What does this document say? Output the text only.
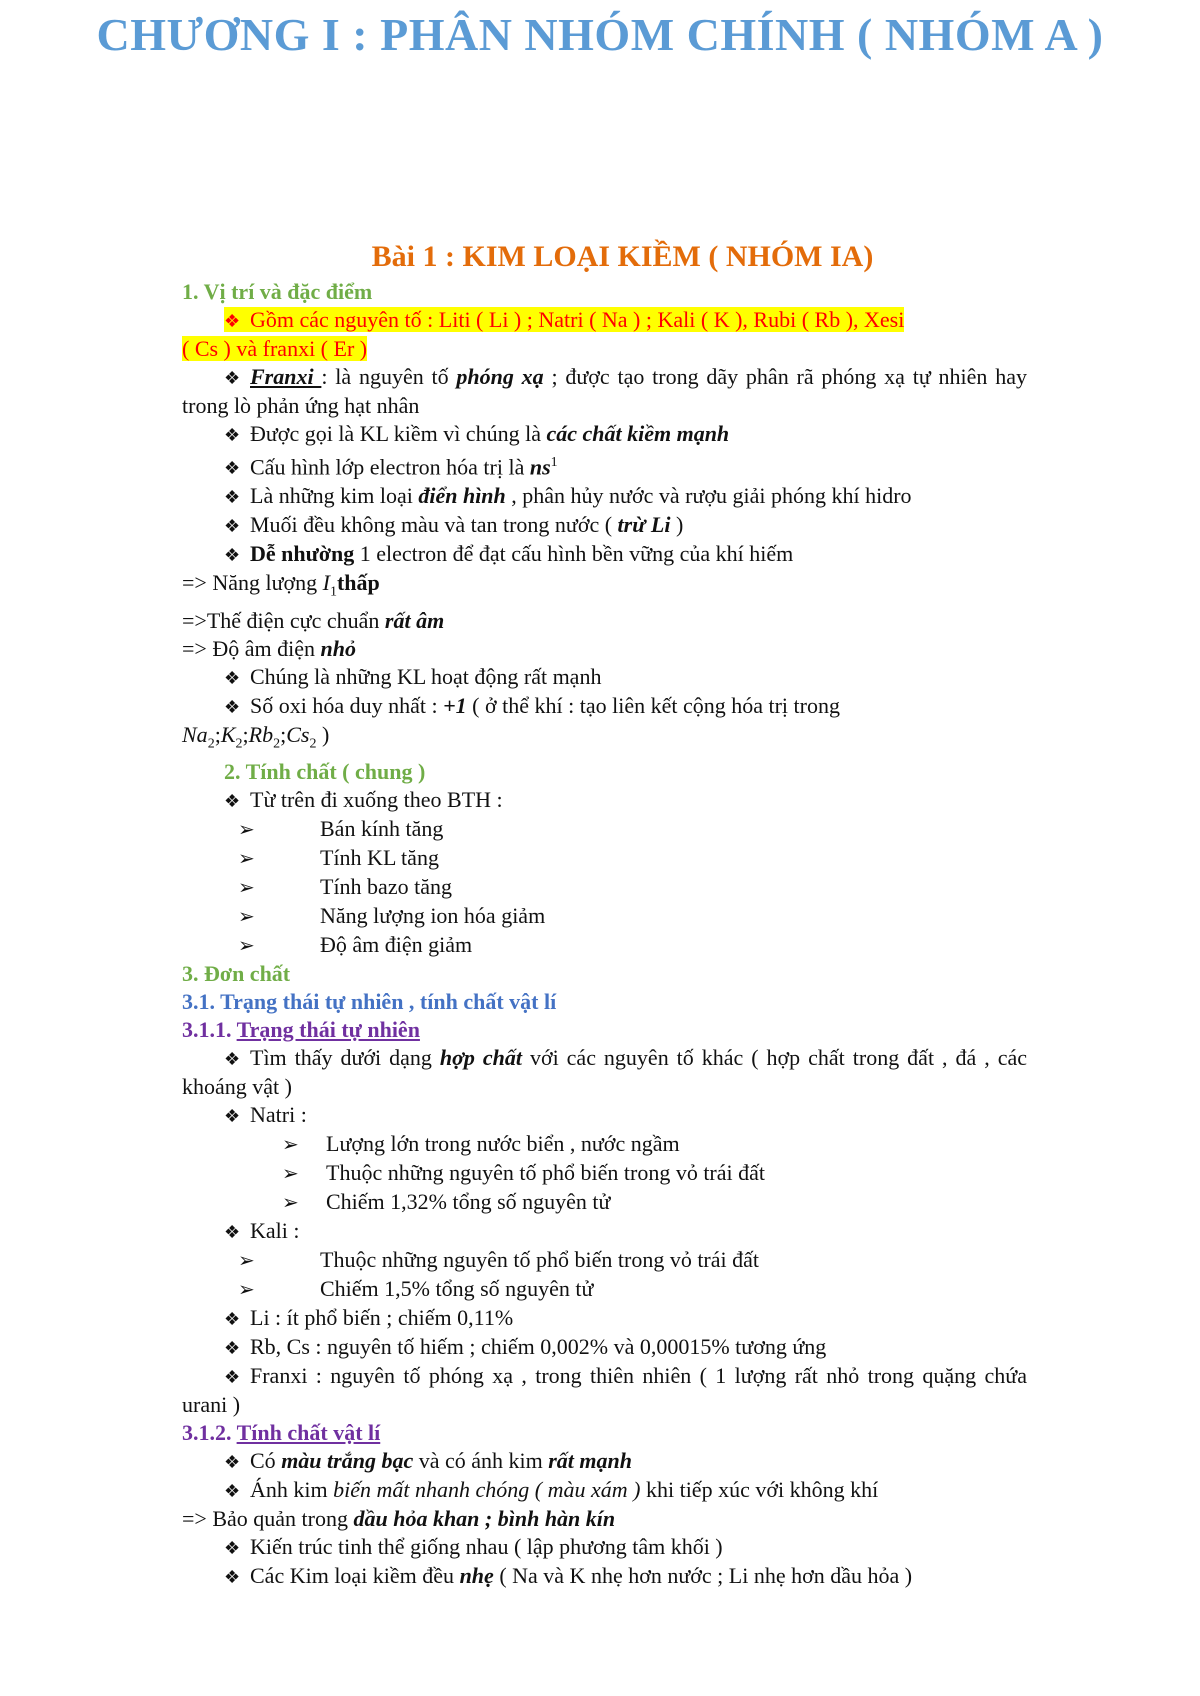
CHƯƠNG I : PHÂN NHÓM CHÍNH ( NHÓM A )
Bài 1 : KIM LOẠI KIỀM ( NHÓM IA)
1. Vị trí và đặc điểm
❖ Gồm các nguyên tố : Liti ( Li ) ; Natri ( Na ) ; Kali ( K ), Rubi ( Rb ), Xesi
( Cs ) và franxi ( Er )
❖ Franxi : là nguyên tố phóng xạ ; được tạo trong dãy phân rã phóng xạ tự nhiên hay trong lò phản ứng hạt nhân
❖ Được gọi là KL kiềm vì chúng là các chất kiềm mạnh
❖ Cấu hình lớp electron hóa trị là $ns^1$
❖ Là những kim loại điển hình , phân hủy nước và rượu giải phóng khí hidro
❖ Muối đều không màu và tan trong nước ( trừ Li )
❖ Dễ nhường 1 electron để đạt cấu hình bền vững của khí hiếm
=> Năng lượng $I_1thấp$
=>Thế điện cực chuẩn rất âm
=> Độ âm điện nhỏ
❖ Chúng là những KL hoạt động rất mạnh
❖ Số oxi hóa duy nhất : +1 ( ở thể khí : tạo liên kết cộng hóa trị trong
$Na_2;K_2;Rb_2;Cs_2$ )
2. Tính chất ( chung )
❖ Từ trên đi xuống theo BTH :
➢	Bán kính tăng
➢	Tính KL tăng
➢	Tính bazo tăng
➢	Năng lượng ion hóa giảm
➢	Độ âm điện giảm
3. Đơn chất
3.1. Trạng thái tự nhiên , tính chất vật lí
3.1.1. Trạng thái tự nhiên
❖ Tìm thấy dưới dạng hợp chất với các nguyên tố khác ( hợp chất trong đất , đá , các khoáng vật )
❖ Natri :
➢ Lượng lớn trong nước biển , nước ngầm
➢ Thuộc những nguyên tố phổ biến trong vỏ trái đất
➢ Chiếm 1,32% tổng số nguyên tử
❖ Kali :
➢	Thuộc những nguyên tố phổ biến trong vỏ trái đất
➢	Chiếm 1,5% tổng số nguyên tử
❖ Li : ít phổ biến ; chiếm 0,11%
❖ Rb, Cs : nguyên tố hiếm ; chiếm 0,002% và 0,00015% tương ứng
❖ Franxi : nguyên tố phóng xạ , trong thiên nhiên ( 1 lượng rất nhỏ trong quặng chứa urani )
3.1.2. Tính chất vật lí
❖ Có màu trắng bạc và có ánh kim rất mạnh
❖ Ánh kim biến mất nhanh chóng ( màu xám ) khi tiếp xúc với không khí
=> Bảo quản trong dầu hỏa khan ; bình hàn kín
❖ Kiến trúc tinh thể giống nhau ( lập phương tâm khối )
❖ Các Kim loại kiềm đều nhẹ ( Na và K nhẹ hơn nước ; Li nhẹ hơn dầu hỏa )
